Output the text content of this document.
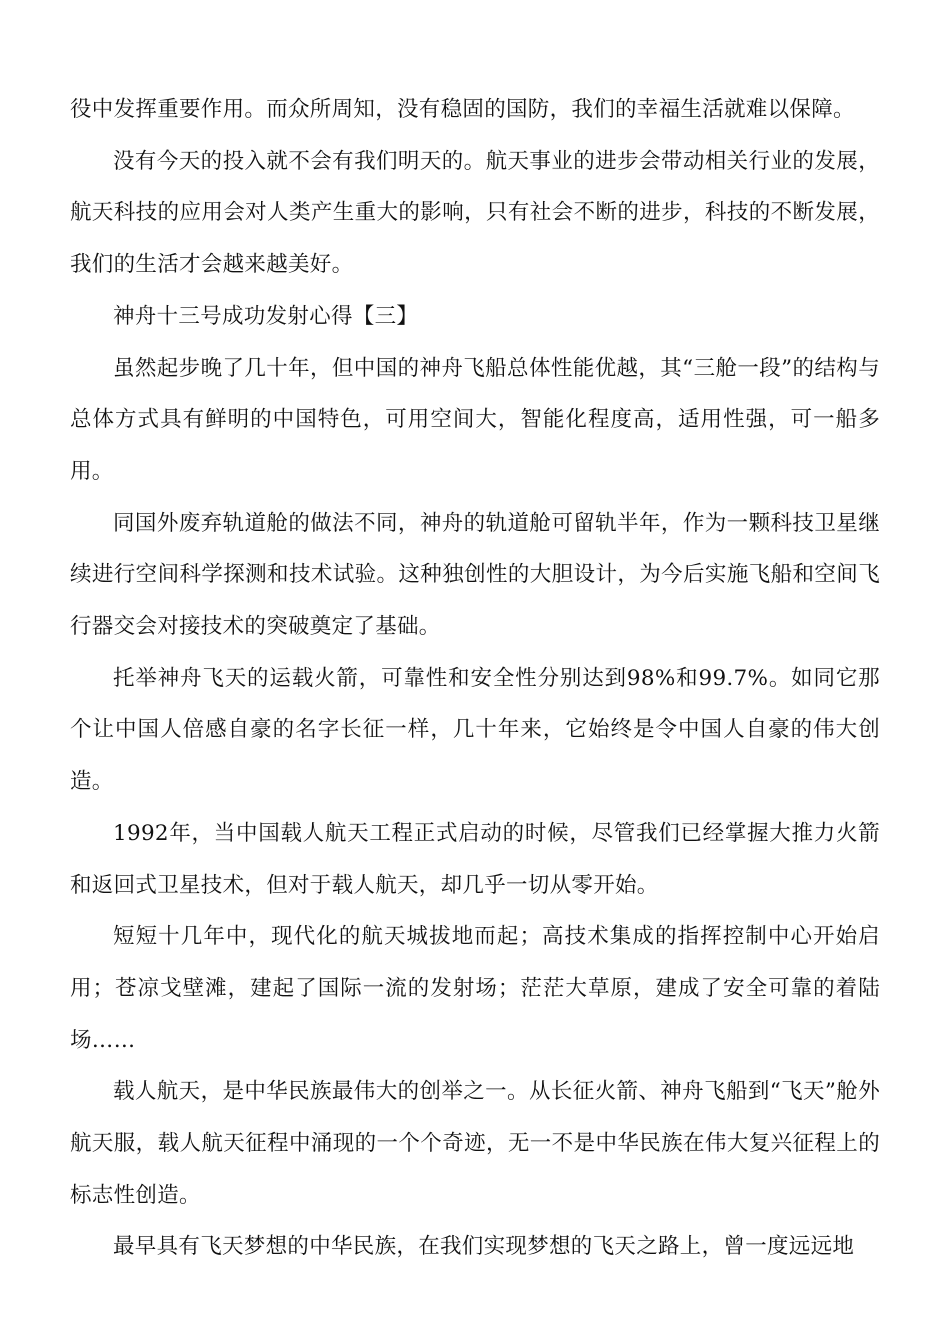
役中发挥重要作用。而众所周知，没有稳固的国防，我们的幸福生活就难以保障。

没有今天的投入就不会有我们明天的。航天事业的进步会带动相关行业的发展，航天科技的应用会对人类产生重大的影响，只有社会不断的进步，科技的不断发展，我们的生活才会越来越美好。

神舟十三号成功发射心得【三】

虽然起步晚了几十年，但中国的神舟飞船总体性能优越，其“三舱一段”的结构与总体方式具有鲜明的中国特色，可用空间大，智能化程度高，适用性强，可一船多用。

同国外废弃轨道舱的做法不同，神舟的轨道舱可留轨半年，作为一颗科技卫星继续进行空间科学探测和技术试验。这种独创性的大胆设计，为今后实施飞船和空间飞行器交会对接技术的突破奠定了基础。

托举神舟飞天的运载火箭，可靠性和安全性分别达到98%和99.7%。如同它那个让中国人倍感自豪的名字长征一样，几十年来，它始终是令中国人自豪的伟大创造。

1992年，当中国载人航天工程正式启动的时候，尽管我们已经掌握大推力火箭和返回式卫星技术，但对于载人航天，却几乎一切从零开始。

短短十几年中，现代化的航天城拔地而起；高技术集成的指挥控制中心开始启用；苍凉戈壁滩，建起了国际一流的发射场；茫茫大草原，建成了安全可靠的着陆场……

载人航天，是中华民族最伟大的创举之一。从长征火箭、神舟飞船到“飞天”舱外航天服，载人航天征程中涌现的一个个奇迹，无一不是中华民族在伟大复兴征程上的标志性创造。

最早具有飞天梦想的中华民族，在我们实现梦想的飞天之路上，曾一度远远地
